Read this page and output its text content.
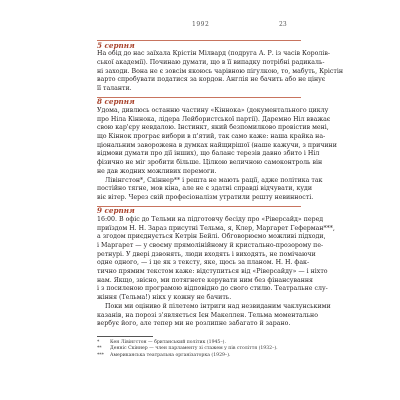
1992	23
5 серпня
На обід до нас заїхала Крістін Мілвард (подруга А. Р. із часів Королів-
ської академії). Починаю думати, що в її випадку потрібні радикаль-
ні заходи. Вона не є зовсім якоюсь чарівною пігулкою, то, мабуть, Крістін
варто спробувати податися за кордон. Англія не бачить або не цінує
її таланти.
8 серпня
Удома, дивлюсь останню частину «Кіннока» (документального циклу
про Ніла Кіннока, лідера Лейбористської партії). Даремно Ніл вважає
свою кар'єру невдалою. Інстинкт, який безпомилково провістив мені,
що Кіннок програє вибори в п'ятий, так само каже: наша крайка на-
ціональним заворожена в думках найщирішої (наше кажучи, з причини
відмови думати про дії інших), що баланс терезів давно збито і Ніл
фізично не міг зробити більше. Цілкою величною самоконтроль він
не дав жодних можливих перемоги.
Лівінгстон*, Скіннер** і решта не мають рації, адже політика так
постійно тягне, мов кіна, але не є здатні справді відчувати, куди
віє вітер. Через свій професіоналізм утратили решту невинності.
9 серпня
16:00. В офіс до Тельми на підготовчу бесіду про «Ріверсайд» перед
приїздом Н. Н. Зараз присутні Тельма, я, Клер, Маргарет Геферман***,
а згодом приєднується Кетрін Бейлі. Обговорюємо можливі підходи,
і Маргарет — у своєму прямолінійному й кристально-прозорому пе-
ретнурі. У двері дзвонять, люди входять і виходять, не помічаючи
одне одного, — і це як з тексту, яке, щось за планом. Н. Н. фак-
тично прямим текстом каже: відступиться від «Ріверсайду» — і ніхто
нам. Якщо, звісно, ми потягнете керувати ним без фінансування
і з посиленою програмою відповідно до свого стилю. Театральне слу-
жіння (Тельма!) нікх у кожну не бачить.
Поки ми оціниво й пілетемо інтриги над незвиданим чаклунськими
казанів, на порозі з'являється Ієн Макеллен. Тельма моментально
вербує його, але тепер ми не розлипне забагато й зарано.
* Кен Лівінгстон — британський політик (1945–).
** Денніс Скіннер — член парламенту зі стажем у пів століття (1932–).
*** Американська театральна організаторка (1929–).
